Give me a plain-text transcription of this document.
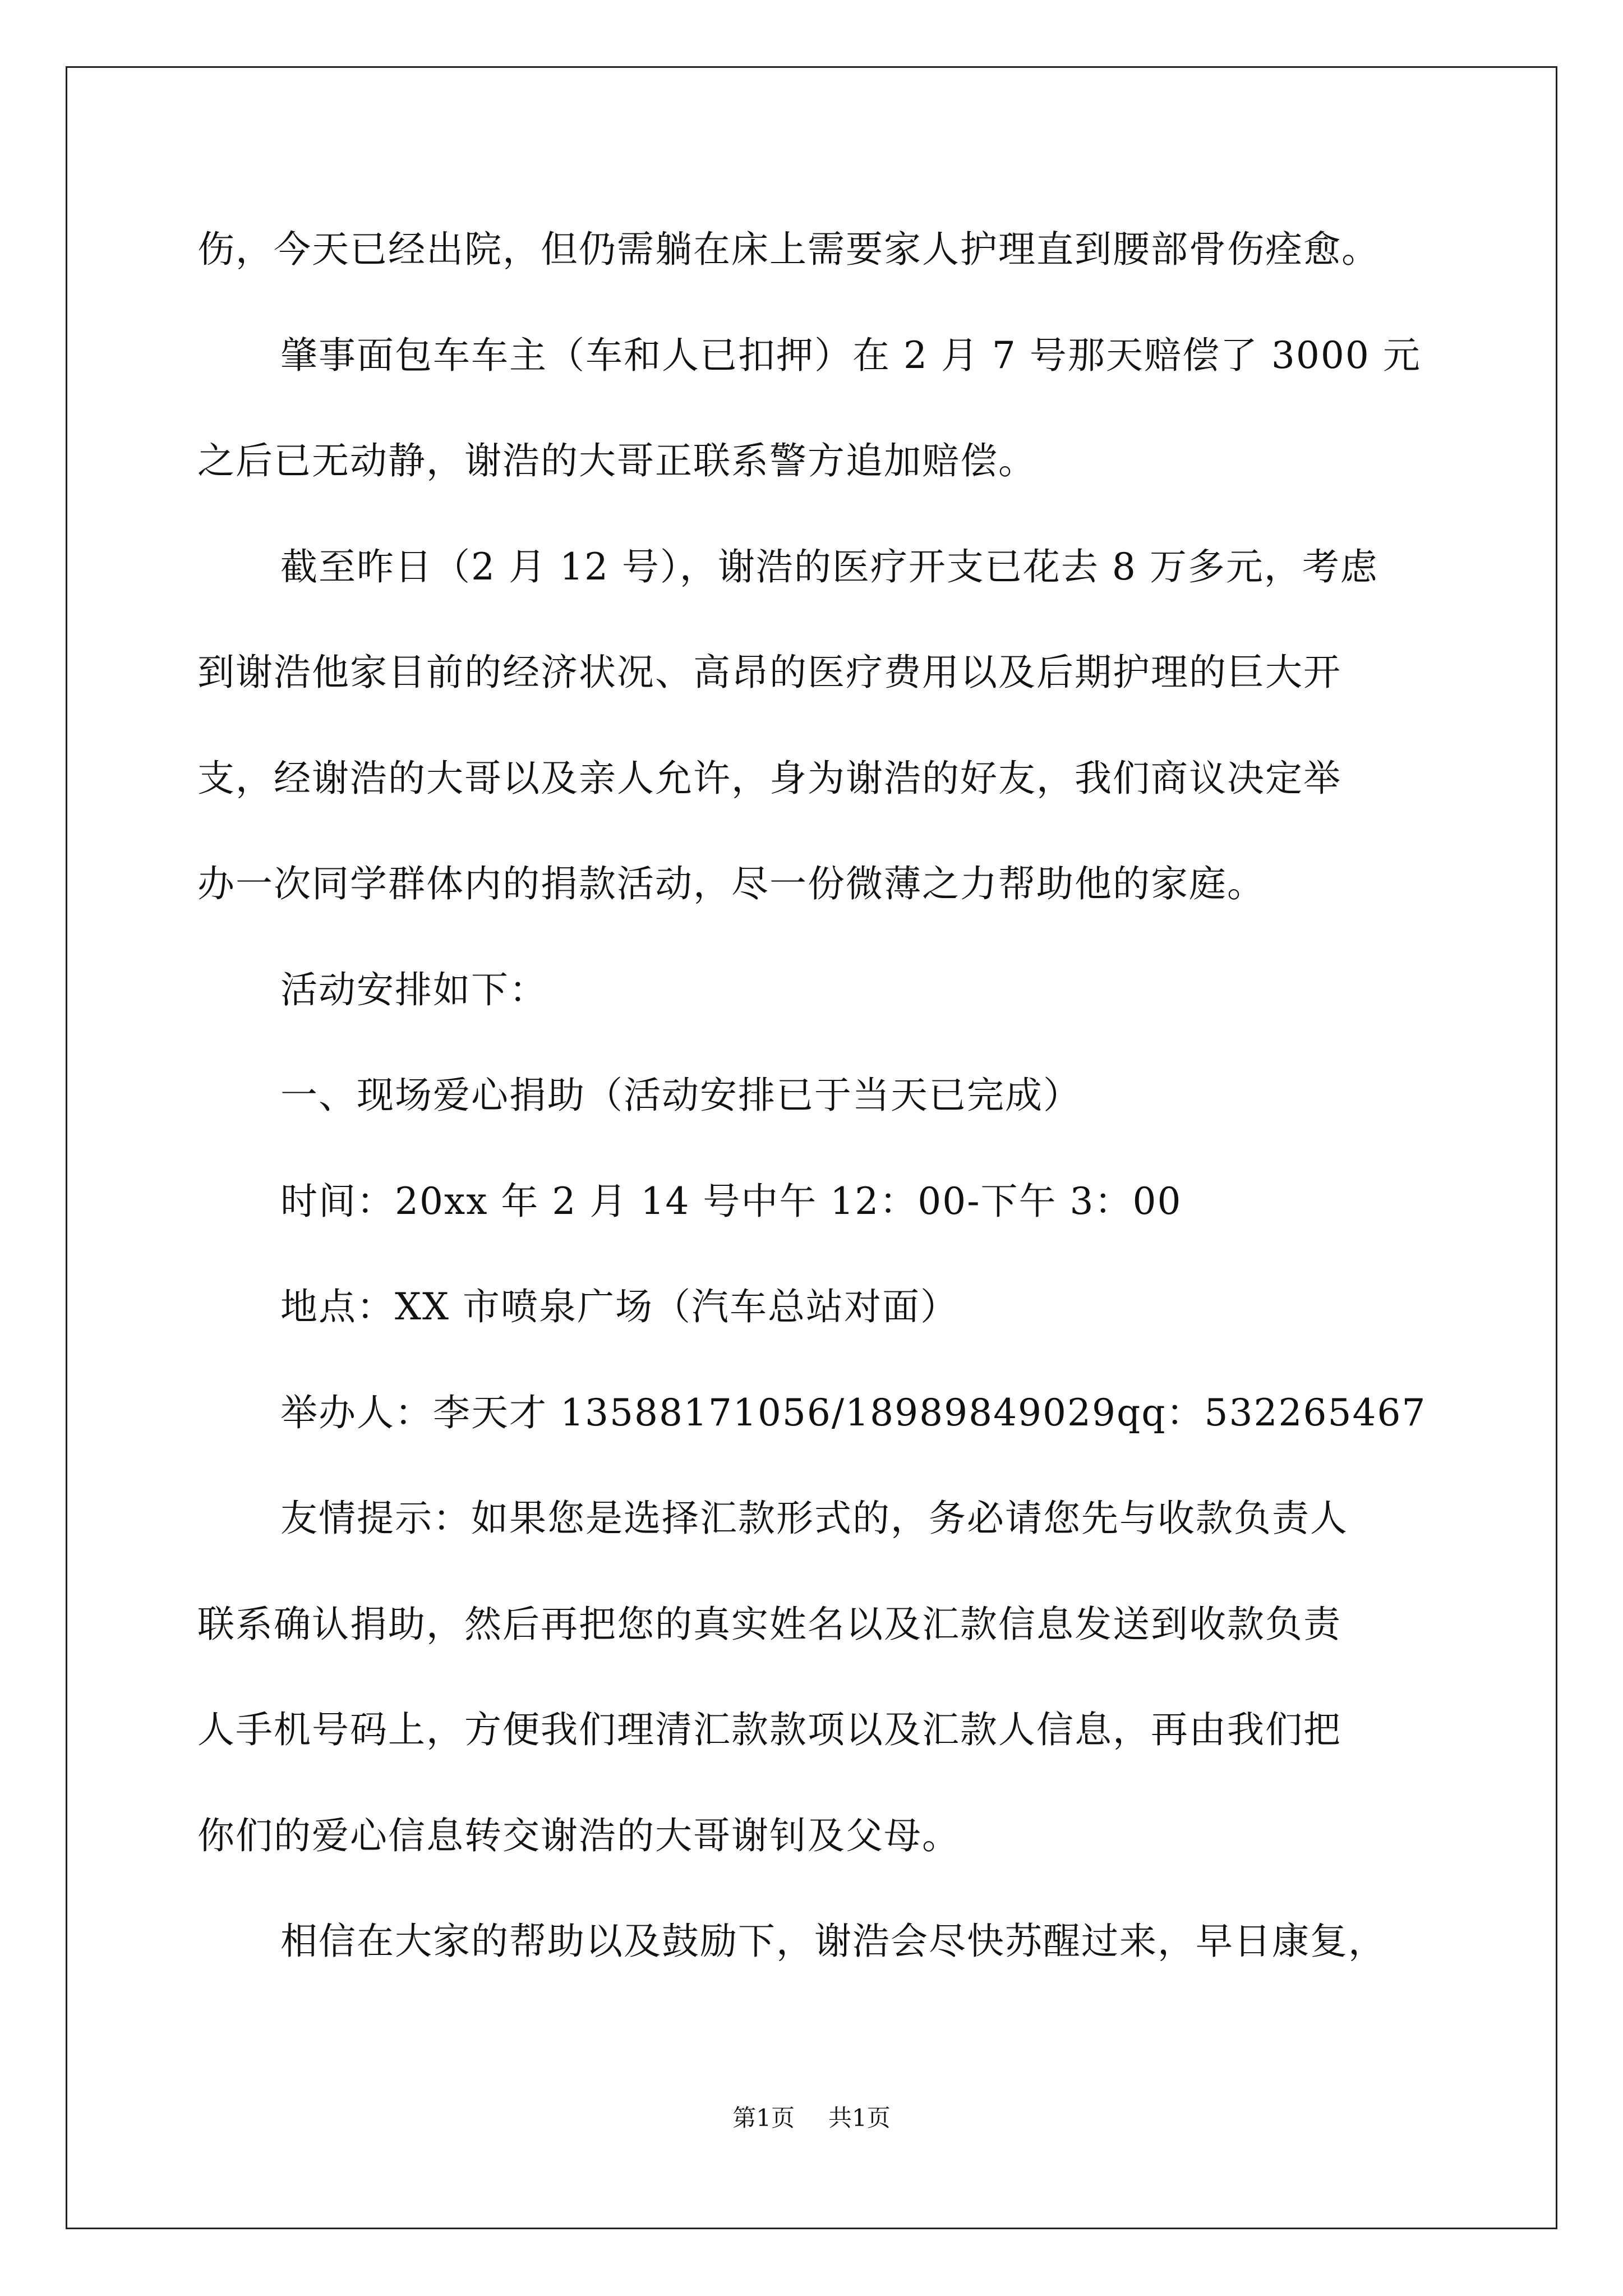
伤，今天已经出院，但仍需躺在床上需要家人护理直到腰部骨伤痊愈。
肇事面包车车主（车和人已扣押）在 2 月 7 号那天赔偿了 3000 元
之后已无动静，谢浩的大哥正联系警方追加赔偿。
截至昨日（2 月 12 号），谢浩的医疗开支已花去 8 万多元，考虑
到谢浩他家目前的经济状况、高昂的医疗费用以及后期护理的巨大开
支，经谢浩的大哥以及亲人允许，身为谢浩的好友，我们商议决定举
办一次同学群体内的捐款活动，尽一份微薄之力帮助他的家庭。
活动安排如下：
一、现场爱心捐助（活动安排已于当天已完成）
时间：20xx 年 2 月 14 号中午 12：00-下午 3：00
地点：XX 市喷泉广场（汽车总站对面）
举办人：李天才 13588171056/18989849029qq：532265467
友情提示：如果您是选择汇款形式的，务必请您先与收款负责人
联系确认捐助，然后再把您的真实姓名以及汇款信息发送到收款负责
人手机号码上，方便我们理清汇款款项以及汇款人信息，再由我们把
你们的爱心信息转交谢浩的大哥谢钊及父母。
相信在大家的帮助以及鼓励下，谢浩会尽快苏醒过来，早日康复，
第1页 共1页
